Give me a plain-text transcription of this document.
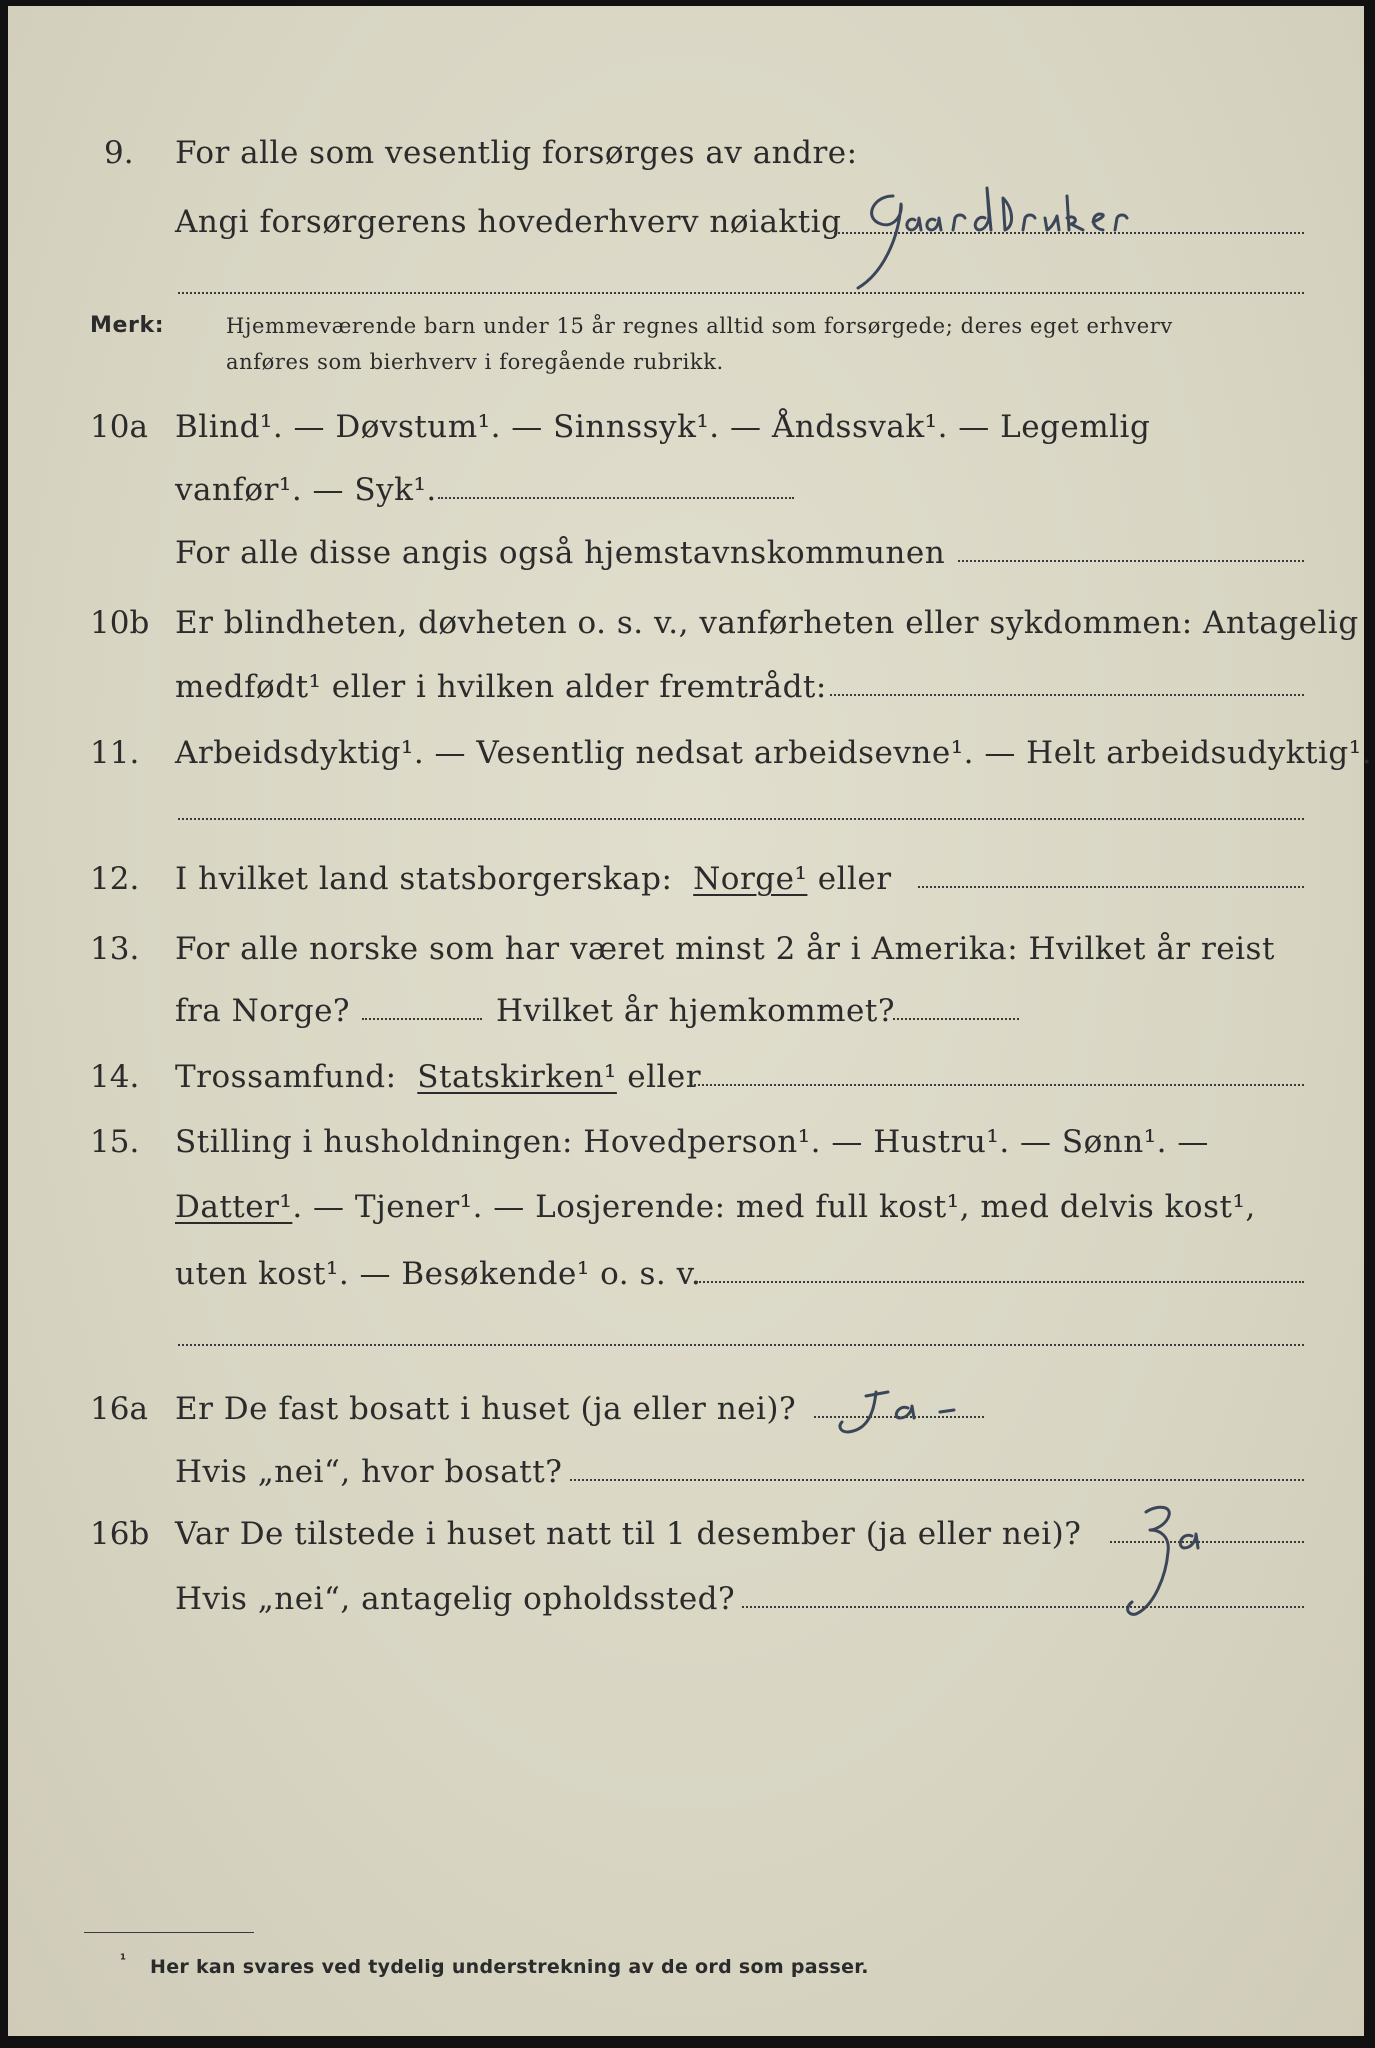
9. For alle som vesentlig forsørges av andre:
Angi forsørgerens hovederhverv nøiaktig
Merk:	Hjemmeværende barn under 15 år regnes alltid som forsørgede; deres eget erhverv
anføres som bierhverv i foregående rubrikk.
10a Blind¹. — Døvstum¹. — Sinnssyk¹. — Åndssvak¹. — Legemlig
vanfør¹. — Syk¹.
For alle disse angis også hjemstavnskommunen
10b Er blindheten, døvheten o. s. v., vanførheten eller sykdommen: Antagelig
medfødt¹ eller i hvilken alder fremtrådt:
11. Arbeidsdyktig¹. — Vesentlig nedsat arbeidsevne¹. — Helt arbeidsudyktig¹.
12. I hvilket land statsborgerskap: Norge¹ eller
13. For alle norske som har været minst 2 år i Amerika: Hvilket år reist
fra Norge?	Hvilket år hjemkommet?
14. Trossamfund: Statskirken¹ eller
15. Stilling i husholdningen: Hovedperson¹. — Hustru¹. — Sønn¹. —
Datter¹. — Tjener¹. — Losjerende: med full kost¹, med delvis kost¹,
uten kost¹. — Besøkende¹ o. s. v.
16a Er De fast bosatt i huset (ja eller nei)?
Hvis „nei“, hvor bosatt?
16b Var De tilstede i huset natt til 1 desember (ja eller nei)?
Hvis „nei“, antagelig opholdssted?
¹ Her kan svares ved tydelig understrekning av de ord som passer.
